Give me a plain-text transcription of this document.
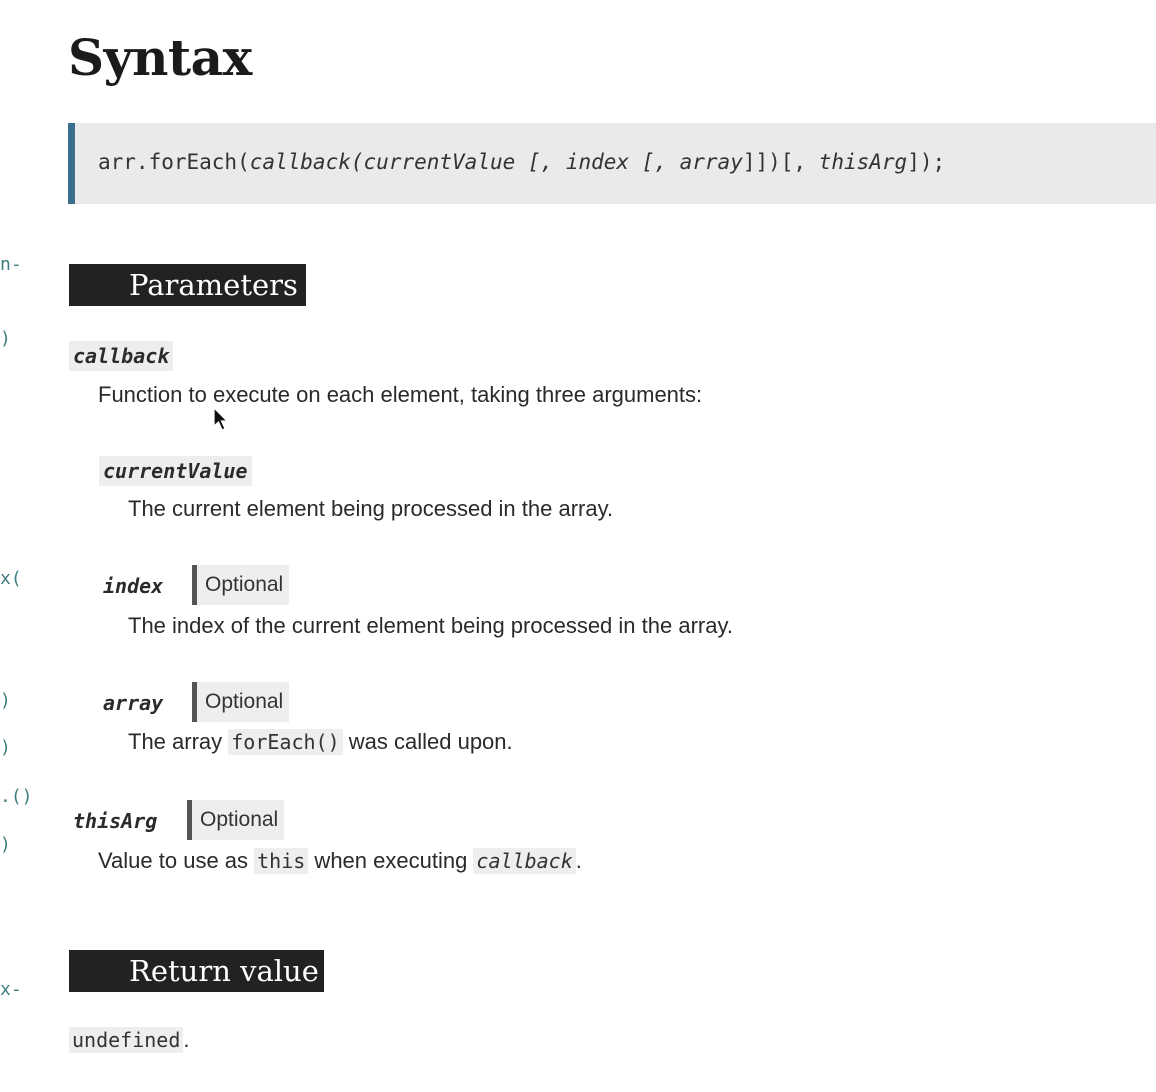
n-
)
x(
)
)
.()
)
x-
Syntax
arr.forEach(callback(currentValue [, index [, array]])[, thisArg]);
Parameters
callback
Function to execute on each element, taking three arguments:
currentValue
The current element being processed in the array.
index	Optional
The index of the current element being processed in the array.
array	Optional
The array forEach() was called upon.
thisArg	Optional
Value to use as this when executing callback .
Return value
undefined .
